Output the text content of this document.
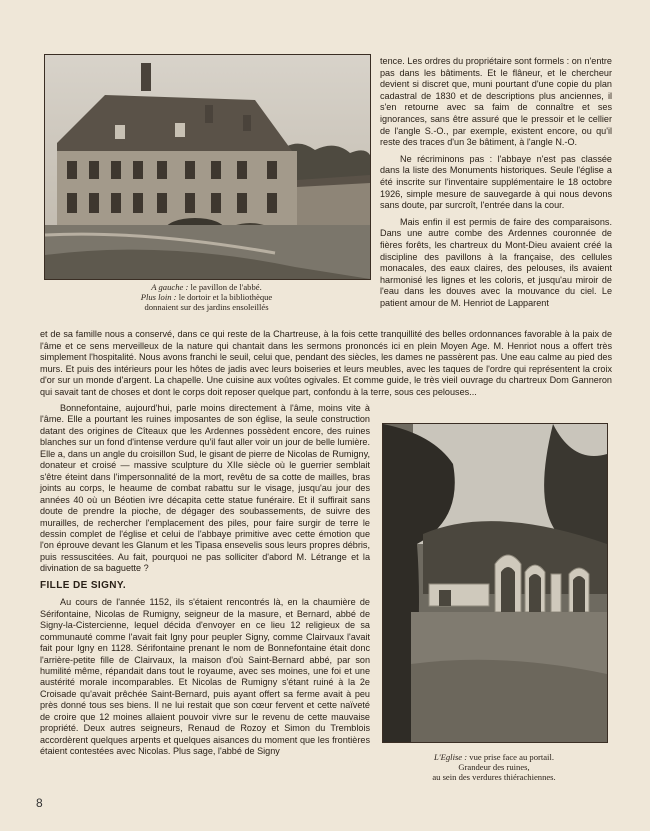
A gauche : le pavillon de l'abbé.
Plus loin : le dortoir et la bibliothèque
donnaient sur des jardins ensoleillés

tence. Les ordres du propriétaire sont formels : on n'entre pas dans les bâtiments. Et le flâneur, et le chercheur devient si discret que, muni pourtant d'une copie du plan cadastral de 1830 et de descriptions plus anciennes, il s'en retourne avec sa faim de connaître et ses ignorances, sans être assuré que le pressoir et le cellier de l'angle S.-O., par exemple, existent encore, ou qu'il reste des traces d'un 3e bâtiment, à l'angle N.-O.

Ne récriminons pas : l'abbaye n'est pas classée dans la liste des Monuments historiques. Seule l'église a été inscrite sur l'inventaire supplémentaire le 18 octobre 1926, simple mesure de sauvegarde à qui nous devons sans doute, par surcroît, l'entrée dans la cour.

Mais enfin il est permis de faire des comparaisons. Dans une autre combe des Ardennes couronnée de fières forêts, les chartreux du Mont-Dieu avaient créé la discipline des pavillons à la française, des cellules monacales, des eaux claires, des pelouses, ils avaient harmonisé les lignes et les coloris, et jusqu'au miroir de l'eau dans les douves avec la mouvance du ciel. Le patient amour de M. Henriot de Lapparent

et de sa famille nous a conservé, dans ce qui reste de la Chartreuse, à la fois cette tranquillité des belles ordonnances favorable à la paix de l'âme et ce sens merveilleux de la nature qui chantait dans les sermons prononcés ici en plein Moyen Age. M. Henriot nous a offert très simplement l'hospitalité. Nous avons franchi le seuil, celui que, pendant des siècles, les dames ne passèrent pas. Une eau calme au pied des murs. Et puis des intérieurs pour les hôtes de jadis avec leurs boiseries et leurs meubles, avec les taques de l'ordre qui représentent la croix d'or sur un monde d'argent. La chapelle. Une cuisine aux voûtes ogivales. Et comme guide, le très vieil ouvrage du chartreux Dom Ganneron qui savait tant de choses et dont le corps doit reposer quelque part, confondu à la terre, sous ces pelouses...

Bonnefontaine, aujourd'hui, parle moins directement à l'âme, moins vite à l'âme. Elle a pourtant les ruines imposantes de son église, la seule construction datant des origines de Cîteaux que les Ardennes possèdent encore, des ruines blanches sur un fond d'intense verdure qu'il faut aller voir un jour de belle lumière. Elle a, dans un angle du croisillon Sud, le gisant de pierre de Nicolas de Rumigny, donateur et croisé — massive sculpture du XIIe siècle où le guerrier semblait s'être éteint dans l'impersonnalité de la mort, revêtu de sa cotte de mailles, bras joints au corps, le heaume de combat rabattu sur le visage, jusqu'au jour des années 40 où un Béotien ivre décapita cette statue funéraire. Et il suffirait sans doute de prendre la pioche, de dégager des soubassements, de suivre des murailles, de rechercher l'emplacement des piles, pour faire surgir de terre le dessin complet de l'église et celui de l'abbaye primitive avec cette émotion que l'on éprouve devant les Glanum et les Tipasa ensevelis sous leurs propres débris, puis ressuscitées. Au fait, pourquoi ne pas solliciter d'abord M. Létrange et la divination de sa baguette ?

FILLE DE SIGNY.

Au cours de l'année 1152, ils s'étaient rencontrés là, en la chaumière de Sérifontaine, Nicolas de Rumigny, seigneur de la masure, et Bernard, abbé de Signy-la-Cistercienne, lequel décida d'envoyer en ce lieu 12 religieux de sa communauté comme l'avait fait Igny pour peupler Signy, comme Clairvaux l'avait fait pour Igny en 1128. Sérifontaine prenant le nom de Bonnefontaine était donc l'arrière-petite fille de Clairvaux, la maison d'où Saint-Bernard abbé, par son humilité même, répandait dans tout le royaume, avec ses moines, une foi et une austérité morale incomparables. Et Nicolas de Rumigny s'étant ruiné à la 2e Croisade qu'avait prêchée Saint-Bernard, puis ayant offert sa ferme avait à peu près donné tous ses biens. Il ne lui restait que son cœur fervent et cette naïveté de croire que 12 moines allaient pouvoir vivre sur le revenu de cette mauvaise propriété. Deux autres seigneurs, Renaud de Rozoy et Simon du Tremblois accordèrent quelques arpents et quelques aisances du moment que les frontières étaient contestées avec Nicolas. Plus sage, l'abbé de Signy

L'Eglise : vue prise face au portail.
Grandeur des ruines,
au sein des verdures thiérachiennes.
8
